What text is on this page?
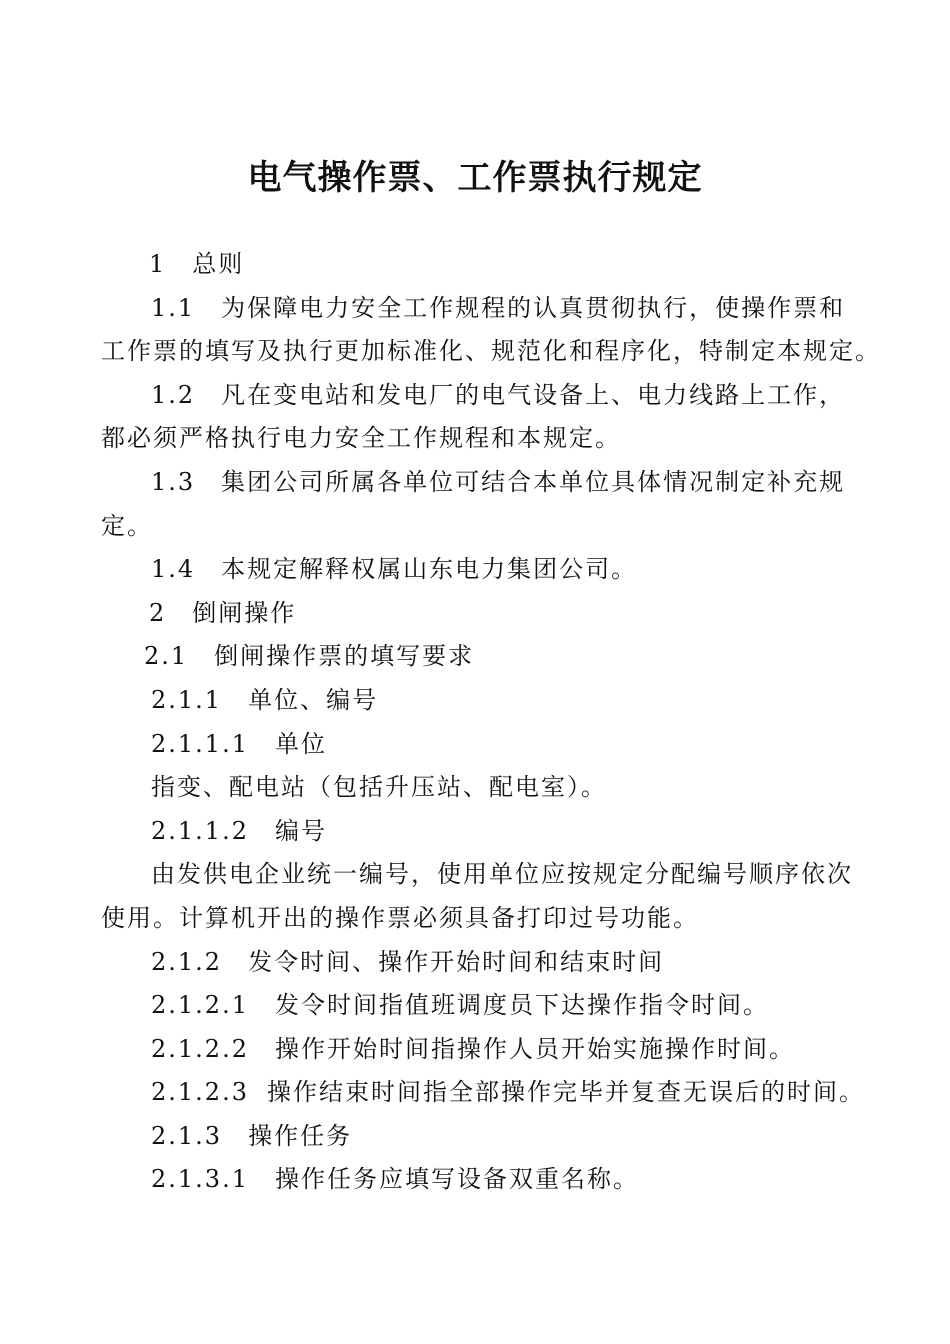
电气操作票、工作票执行规定
1 总则
1.1 为保障电力安全工作规程的认真贯彻执行，使操作票和
工作票的填写及执行更加标准化、规范化和程序化，特制定本规定。
1.2 凡在变电站和发电厂的电气设备上、电力线路上工作，
都必须严格执行电力安全工作规程和本规定。
1.3 集团公司所属各单位可结合本单位具体情况制定补充规
定。
1.4 本规定解释权属山东电力集团公司。
2 倒闸操作
2.1 倒闸操作票的填写要求
2.1.1 单位、编号
2.1.1.1 单位
指变、配电站（包括升压站、配电室）。
2.1.1.2 编号
由发供电企业统一编号，使用单位应按规定分配编号顺序依次
使用。计算机开出的操作票必须具备打印过号功能。
2.1.2 发令时间、操作开始时间和结束时间
2.1.2.1 发令时间指值班调度员下达操作指令时间。
2.1.2.2 操作开始时间指操作人员开始实施操作时间。
2.1.2.3 操作结束时间指全部操作完毕并复查无误后的时间。
2.1.3 操作任务
2.1.3.1 操作任务应填写设备双重名称。
